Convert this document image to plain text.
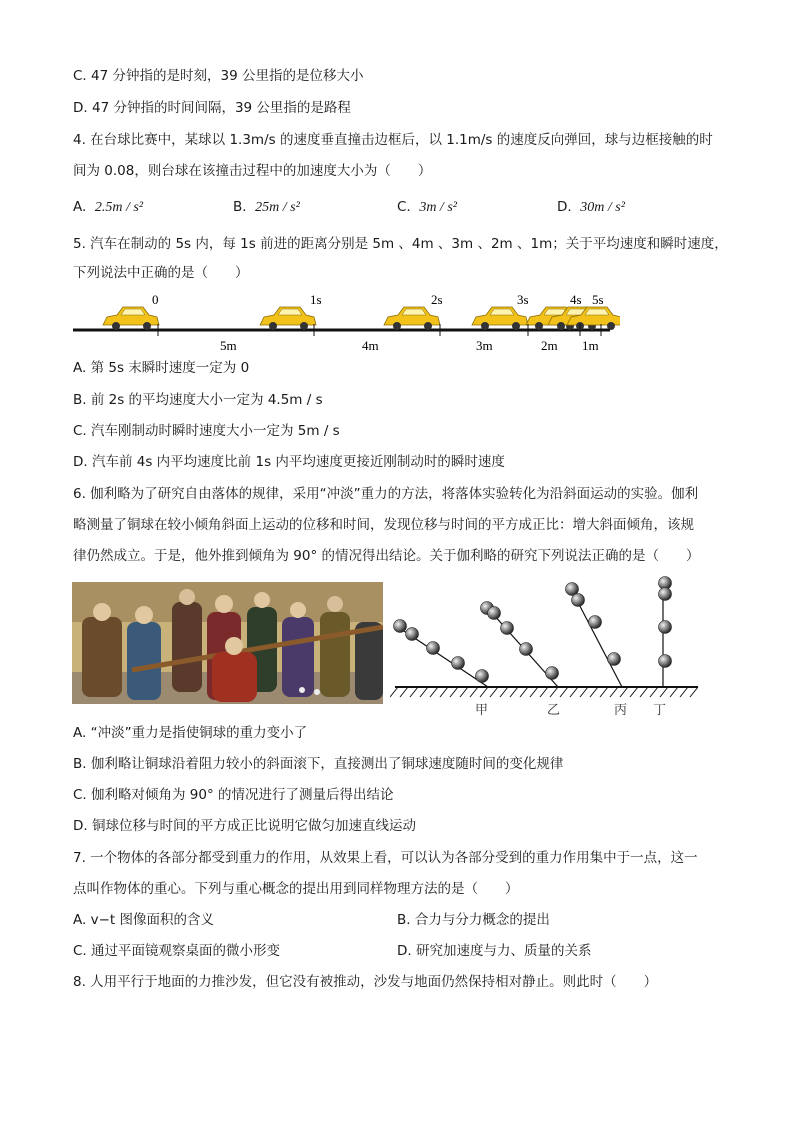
C. 47 分钟指的是时刻，39 公里指的是位移大小
D. 47 分钟指的时间间隔，39 公里指的是路程
4. 在台球比赛中，某球以 1.3m/s 的速度垂直撞击边框后，以 1.1m/s 的速度反向弹回，球与边框接触的时
间为 0.08，则台球在该撞击过程中的加速度大小为（　　）
A. 2.5m / s²	B. 25m / s²	C. 3m / s²	D. 30m / s²
5. 汽车在制动的 5s 内，每 1s 前进的距离分别是 5m 、4m 、3m 、2m 、1m；关于平均速度和瞬时速度，
下列说法中正确的是（　　）
0	1s	2s	3s	4s 5s
5m	4m	3m	2m 1m
A. 第 5s 末瞬时速度一定为 0
B. 前 2s 的平均速度大小一定为 4.5m / s
C. 汽车刚制动时瞬时速度大小一定为 5m / s
D. 汽车前 4s 内平均速度比前 1s 内平均速度更接近刚制动时的瞬时速度
6. 伽利略为了研究自由落体的规律，采用“冲淡”重力的方法，将落体实验转化为沿斜面运动的实验。伽利
略测量了铜球在较小倾角斜面上运动的位移和时间，发现位移与时间的平方成正比：增大斜面倾角，该规
律仍然成立。于是，他外推到倾角为 90° 的情况得出结论。关于伽利略的研究下列说法正确的是（　　）
甲	乙	丙 丁
A. “冲淡”重力是指使铜球的重力变小了
B. 伽利略让铜球沿着阻力较小的斜面滚下，直接测出了铜球速度随时间的变化规律
C. 伽利略对倾角为 90° 的情况进行了测量后得出结论
D. 铜球位移与时间的平方成正比说明它做匀加速直线运动
7. 一个物体的各部分都受到重力的作用，从效果上看，可以认为各部分受到的重力作用集中于一点，这一
点叫作物体的重心。下列与重心概念的提出用到同样物理方法的是（　　）
A. v−t 图像面积的含义	B. 合力与分力概念的提出
C. 通过平面镜观察桌面的微小形变	D. 研究加速度与力、质量的关系
8. 人用平行于地面的力推沙发，但它没有被推动，沙发与地面仍然保持相对静止。则此时（　　）
